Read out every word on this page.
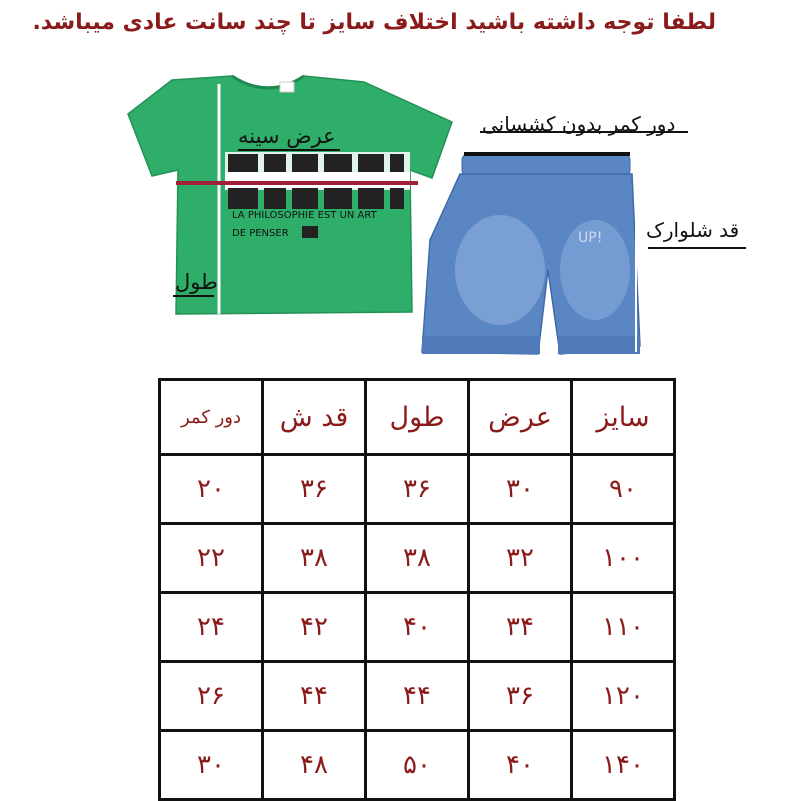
لطفا توجه داشته باشید اختلاف سایز تا چند سانت عادی میباشد.
LA PHILOSOPHIE EST UN ART
DE PENSER	UP!
عرض سینه
طول
دور کمر بدون کشسانی
قد شلوارک
سایز	عرض	طول	قد ش	دور کمر
۹۰	۳۰	۳۶	۳۶	۲۰
۱۰۰	۳۲	۳۸	۳۸	۲۲
۱۱۰	۳۴	۴۰	۴۲	۲۴
۱۲۰	۳۶	۴۴	۴۴	۲۶
۱۴۰	۴۰	۵۰	۴۸	۳۰
